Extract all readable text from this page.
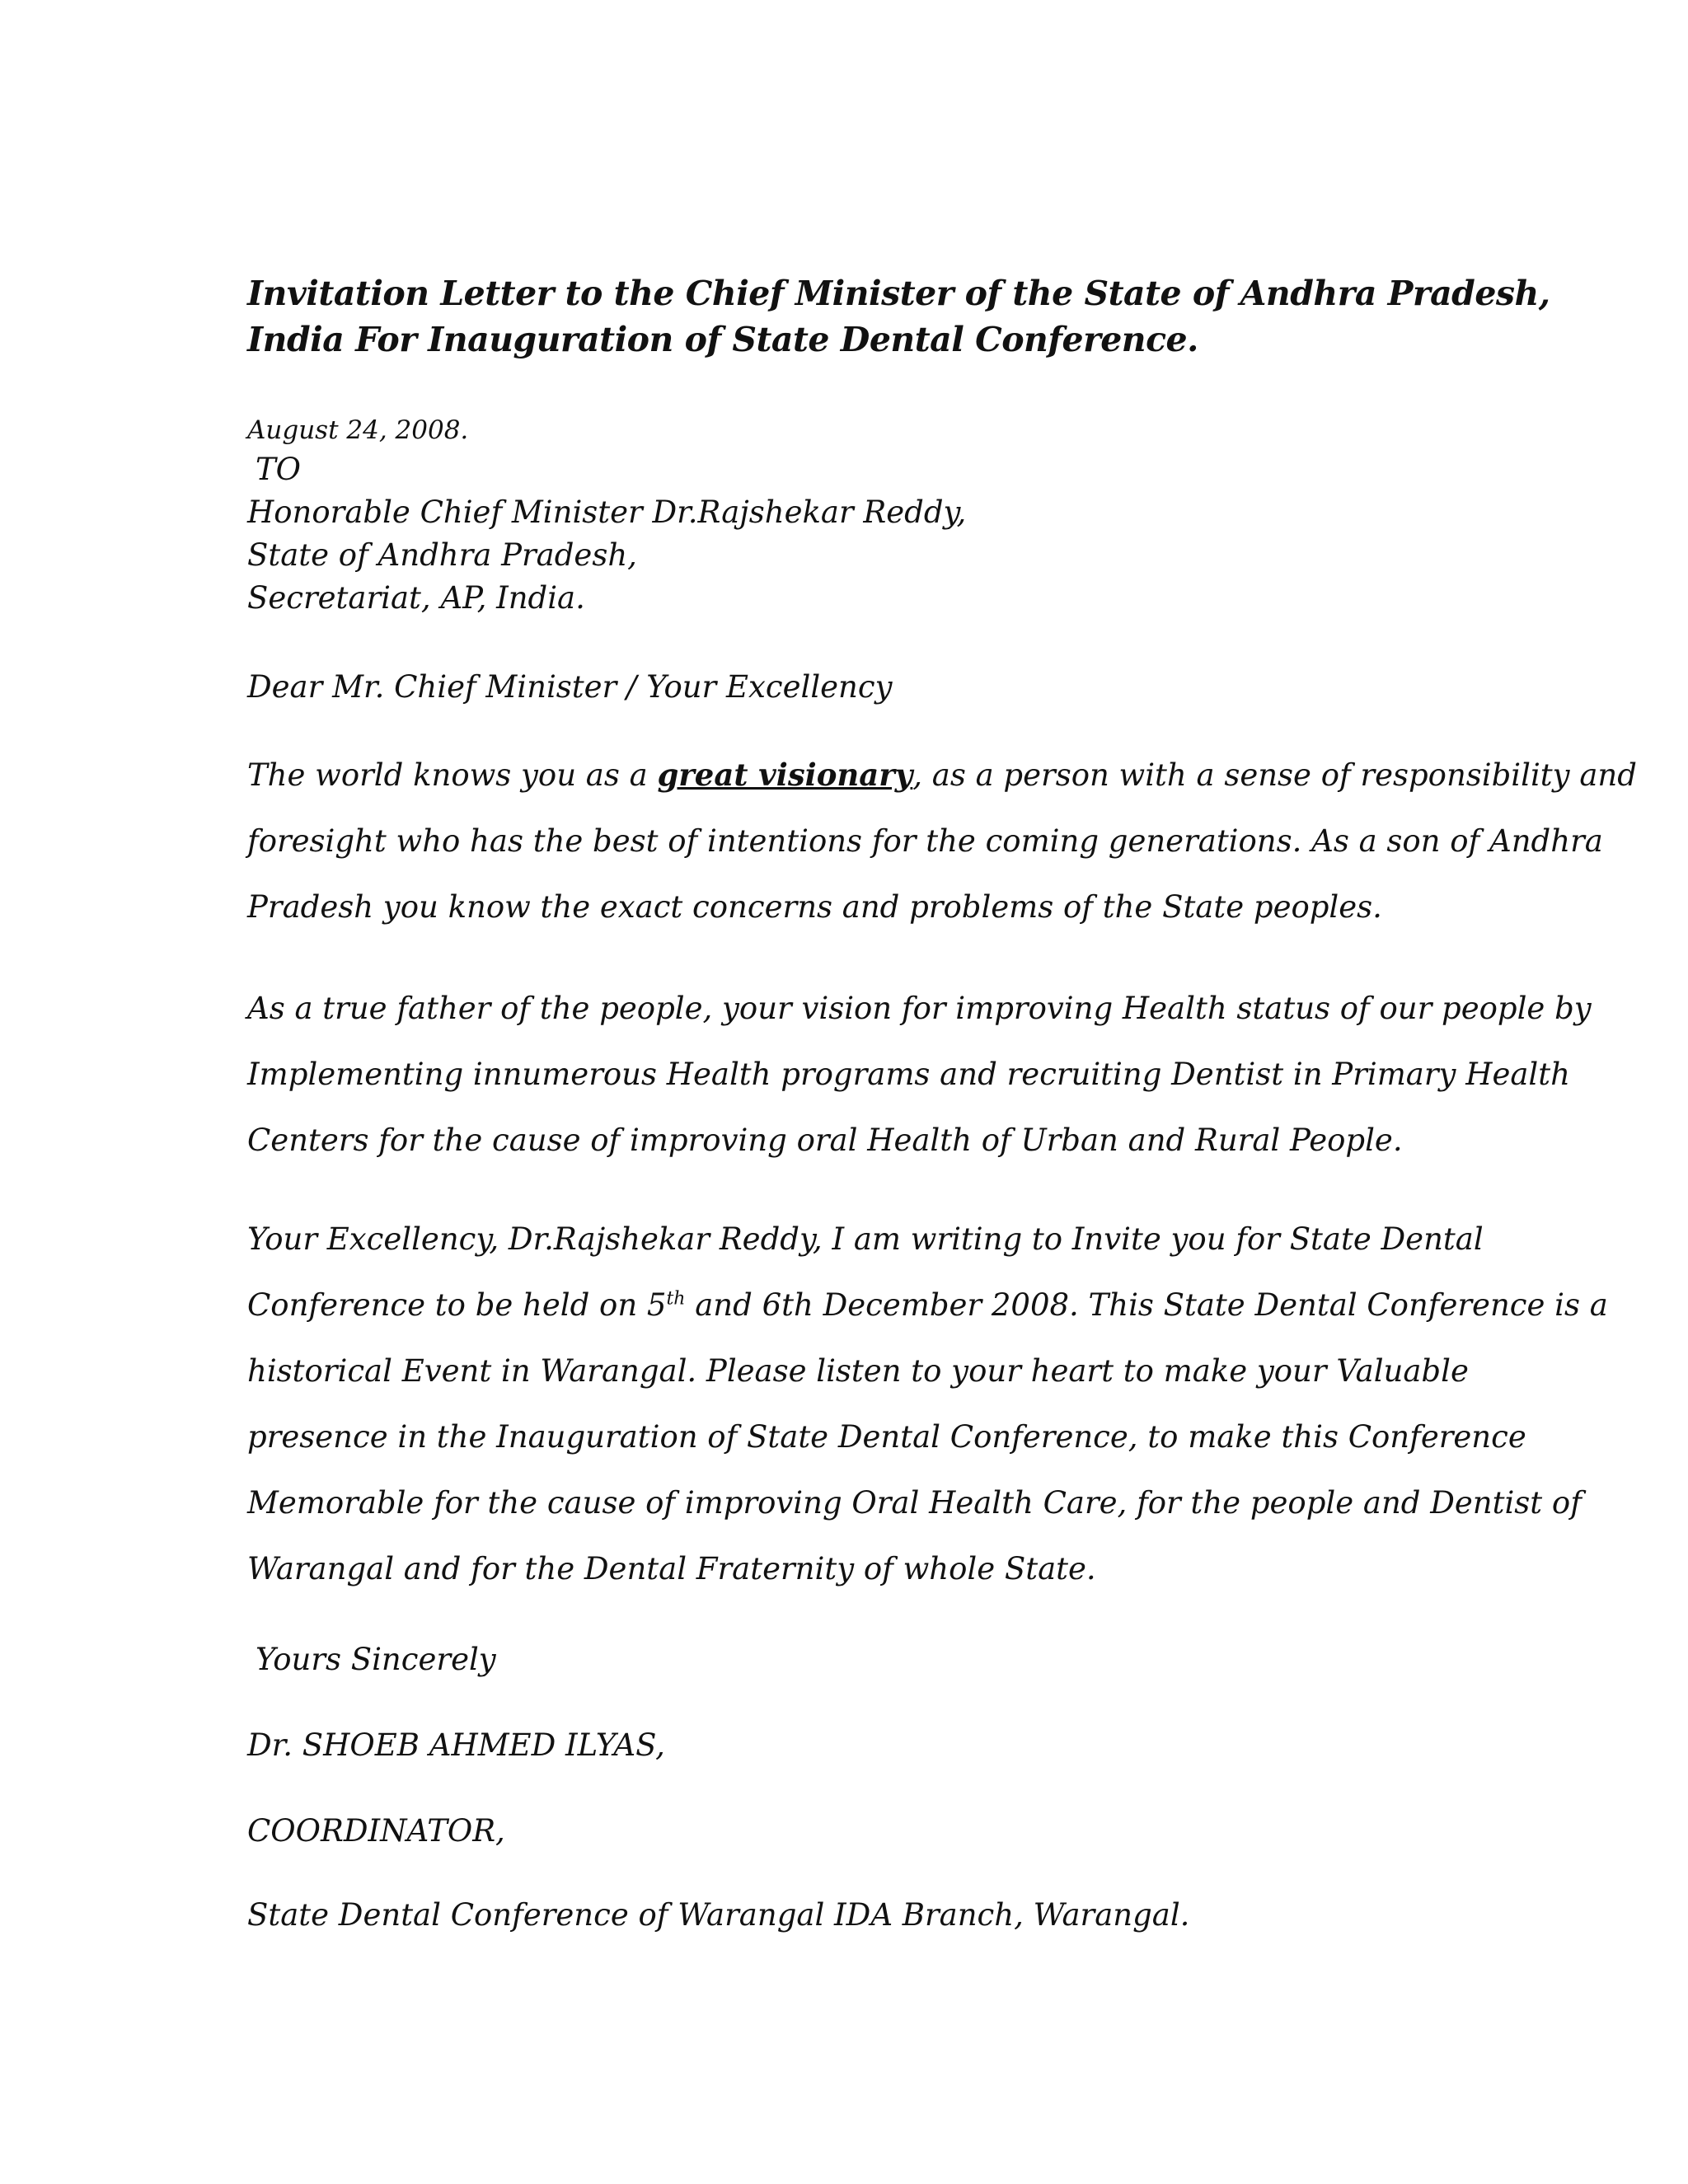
Invitation Letter to the Chief Minister of the State of Andhra Pradesh,
India For Inauguration of State Dental Conference.
August 24, 2008.
TO
Honorable Chief Minister Dr.Rajshekar Reddy,
State of Andhra Pradesh,
Secretariat, AP, India.
Dear Mr. Chief Minister / Your Excellency

The world knows you as a great visionary, as a person with a sense of responsibility and
foresight who has the best of intentions for the coming generations. As a son of Andhra
Pradesh you know the exact concerns and problems of the State peoples.

As a true father of the people, your vision for improving Health status of our people by
Implementing innumerous Health programs and recruiting Dentist in Primary Health
Centers for the cause of improving oral Health of Urban and Rural People.

Your Excellency, Dr.Rajshekar Reddy, I am writing to Invite you for State Dental
Conference to be held on 5th and 6th December 2008. This State Dental Conference is a
historical Event in Warangal. Please listen to your heart to make your Valuable
presence in the Inauguration of State Dental Conference, to make this Conference
Memorable for the cause of improving Oral Health Care, for the people and Dentist of
Warangal and for the Dental Fraternity of whole State.

Yours Sincerely
Dr. SHOEB AHMED ILYAS,
COORDINATOR,
State Dental Conference of Warangal IDA Branch, Warangal.
